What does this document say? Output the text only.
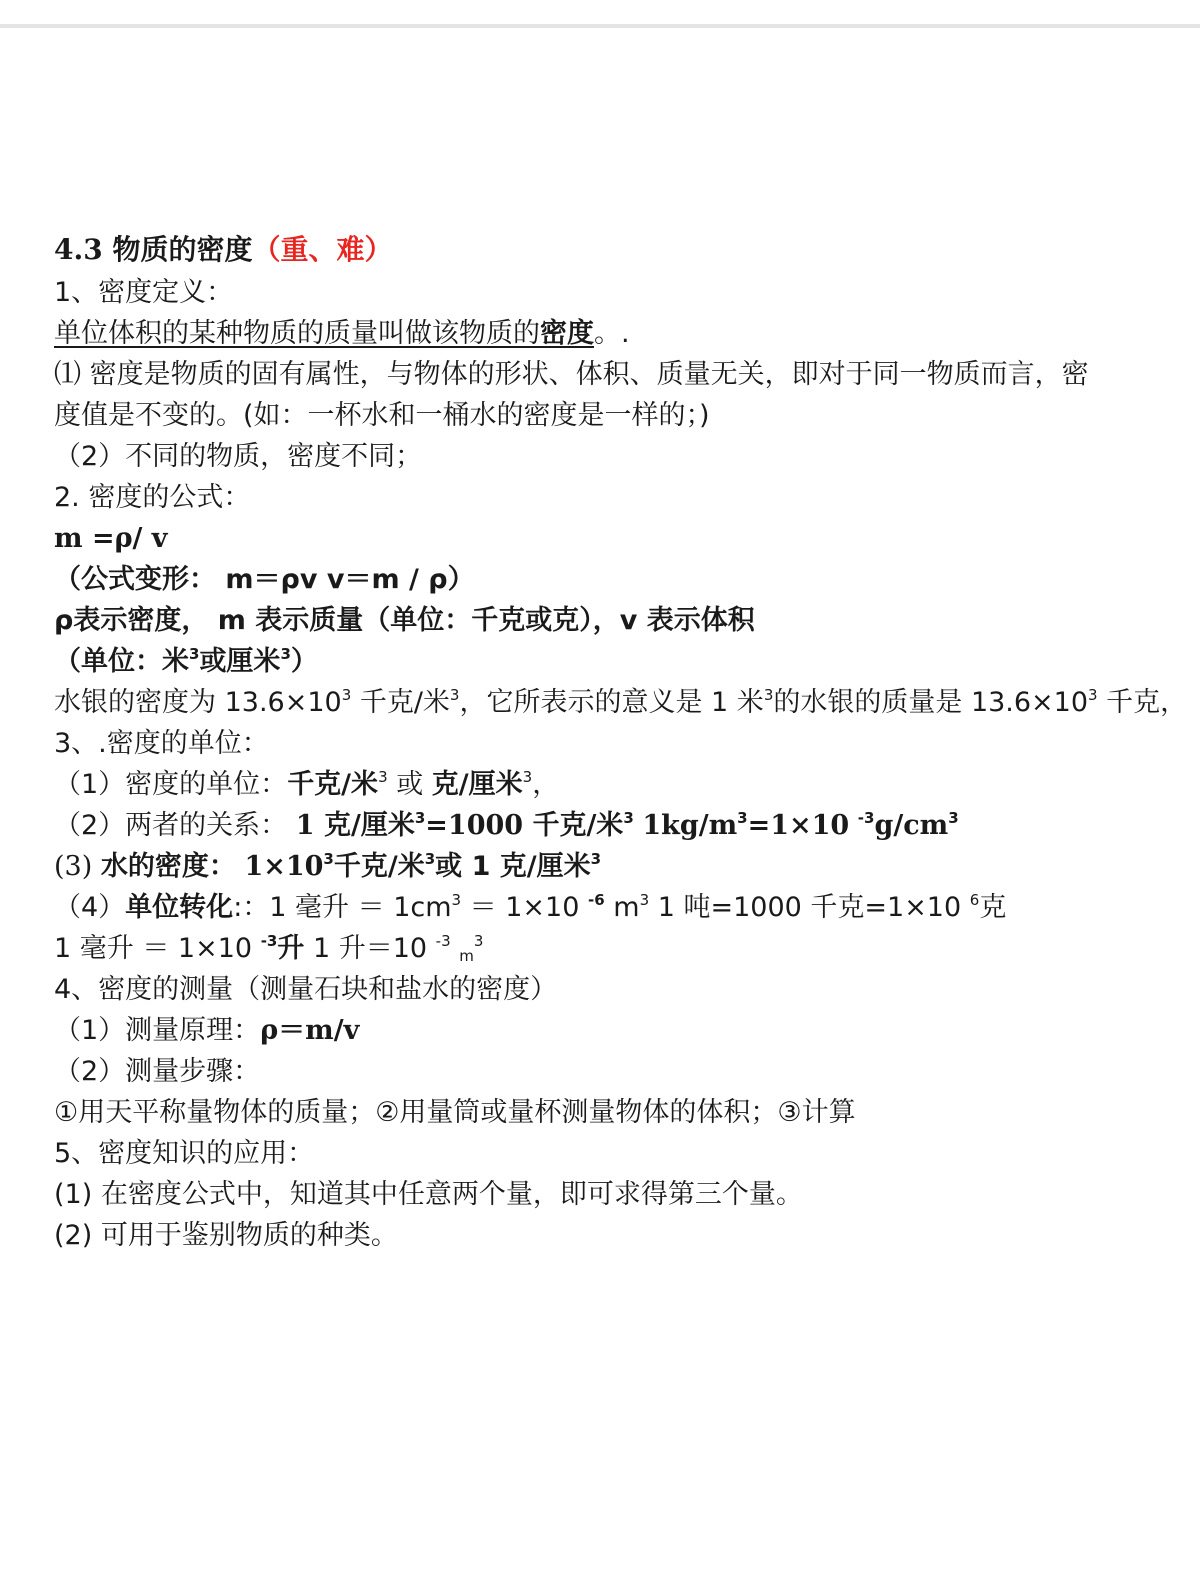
4.3 物质的密度（重、难）
1、密度定义：
单位体积的某种物质的质量叫做该物质的密度。.
⑴ 密度是物质的固有属性，与物体的形状、体积、质量无关，即对于同一物质而言，密
度值是不变的。(如：一杯水和一桶水的密度是一样的；)
（2）不同的物质，密度不同；
2. 密度的公式：
m =ρ/ v
（公式变形： m＝ρv v＝m / ρ）
ρ表示密度， m 表示质量（单位：千克或克），v 表示体积
（单位：米$^3$或厘米$^3$）
水银的密度为 $13.6\times 10^3$ 千克/米$^3$，它所表示的意义是 1 米$^3$的水银的质量是 $13.6\times 10^3$ 千克，
3、.密度的单位：
（1）密度的单位：千克/米$^3$ 或 克/厘米$^3$，
（2）两者的关系： 1 克/厘米$^3$=1000 千克/米$^3$ $1kg/m^3=1\times 10$ $^{-3}g/cm^3$
(3) 水的密度： $1\times 10^3$千克/米$^3$或 1 克/厘米$^3$
（4）单位转化:：1 毫升 ＝ $1cm^3 = 1\times 10$ $^{-6}$ $m^3$ 1 吨=1000 千克=1×10 $^6$克
1 毫升 ＝ 1×10 $^{-3}$升 1 升＝10 $^{-3}$ $_m^3$
4、密度的测量（测量石块和盐水的密度）
（1）测量原理：ρ＝m/v
（2）测量步骤：
①用天平称量物体的质量；②用量筒或量杯测量物体的体积；③计算
5、密度知识的应用：
(1) 在密度公式中，知道其中任意两个量，即可求得第三个量。
(2) 可用于鉴别物质的种类。
